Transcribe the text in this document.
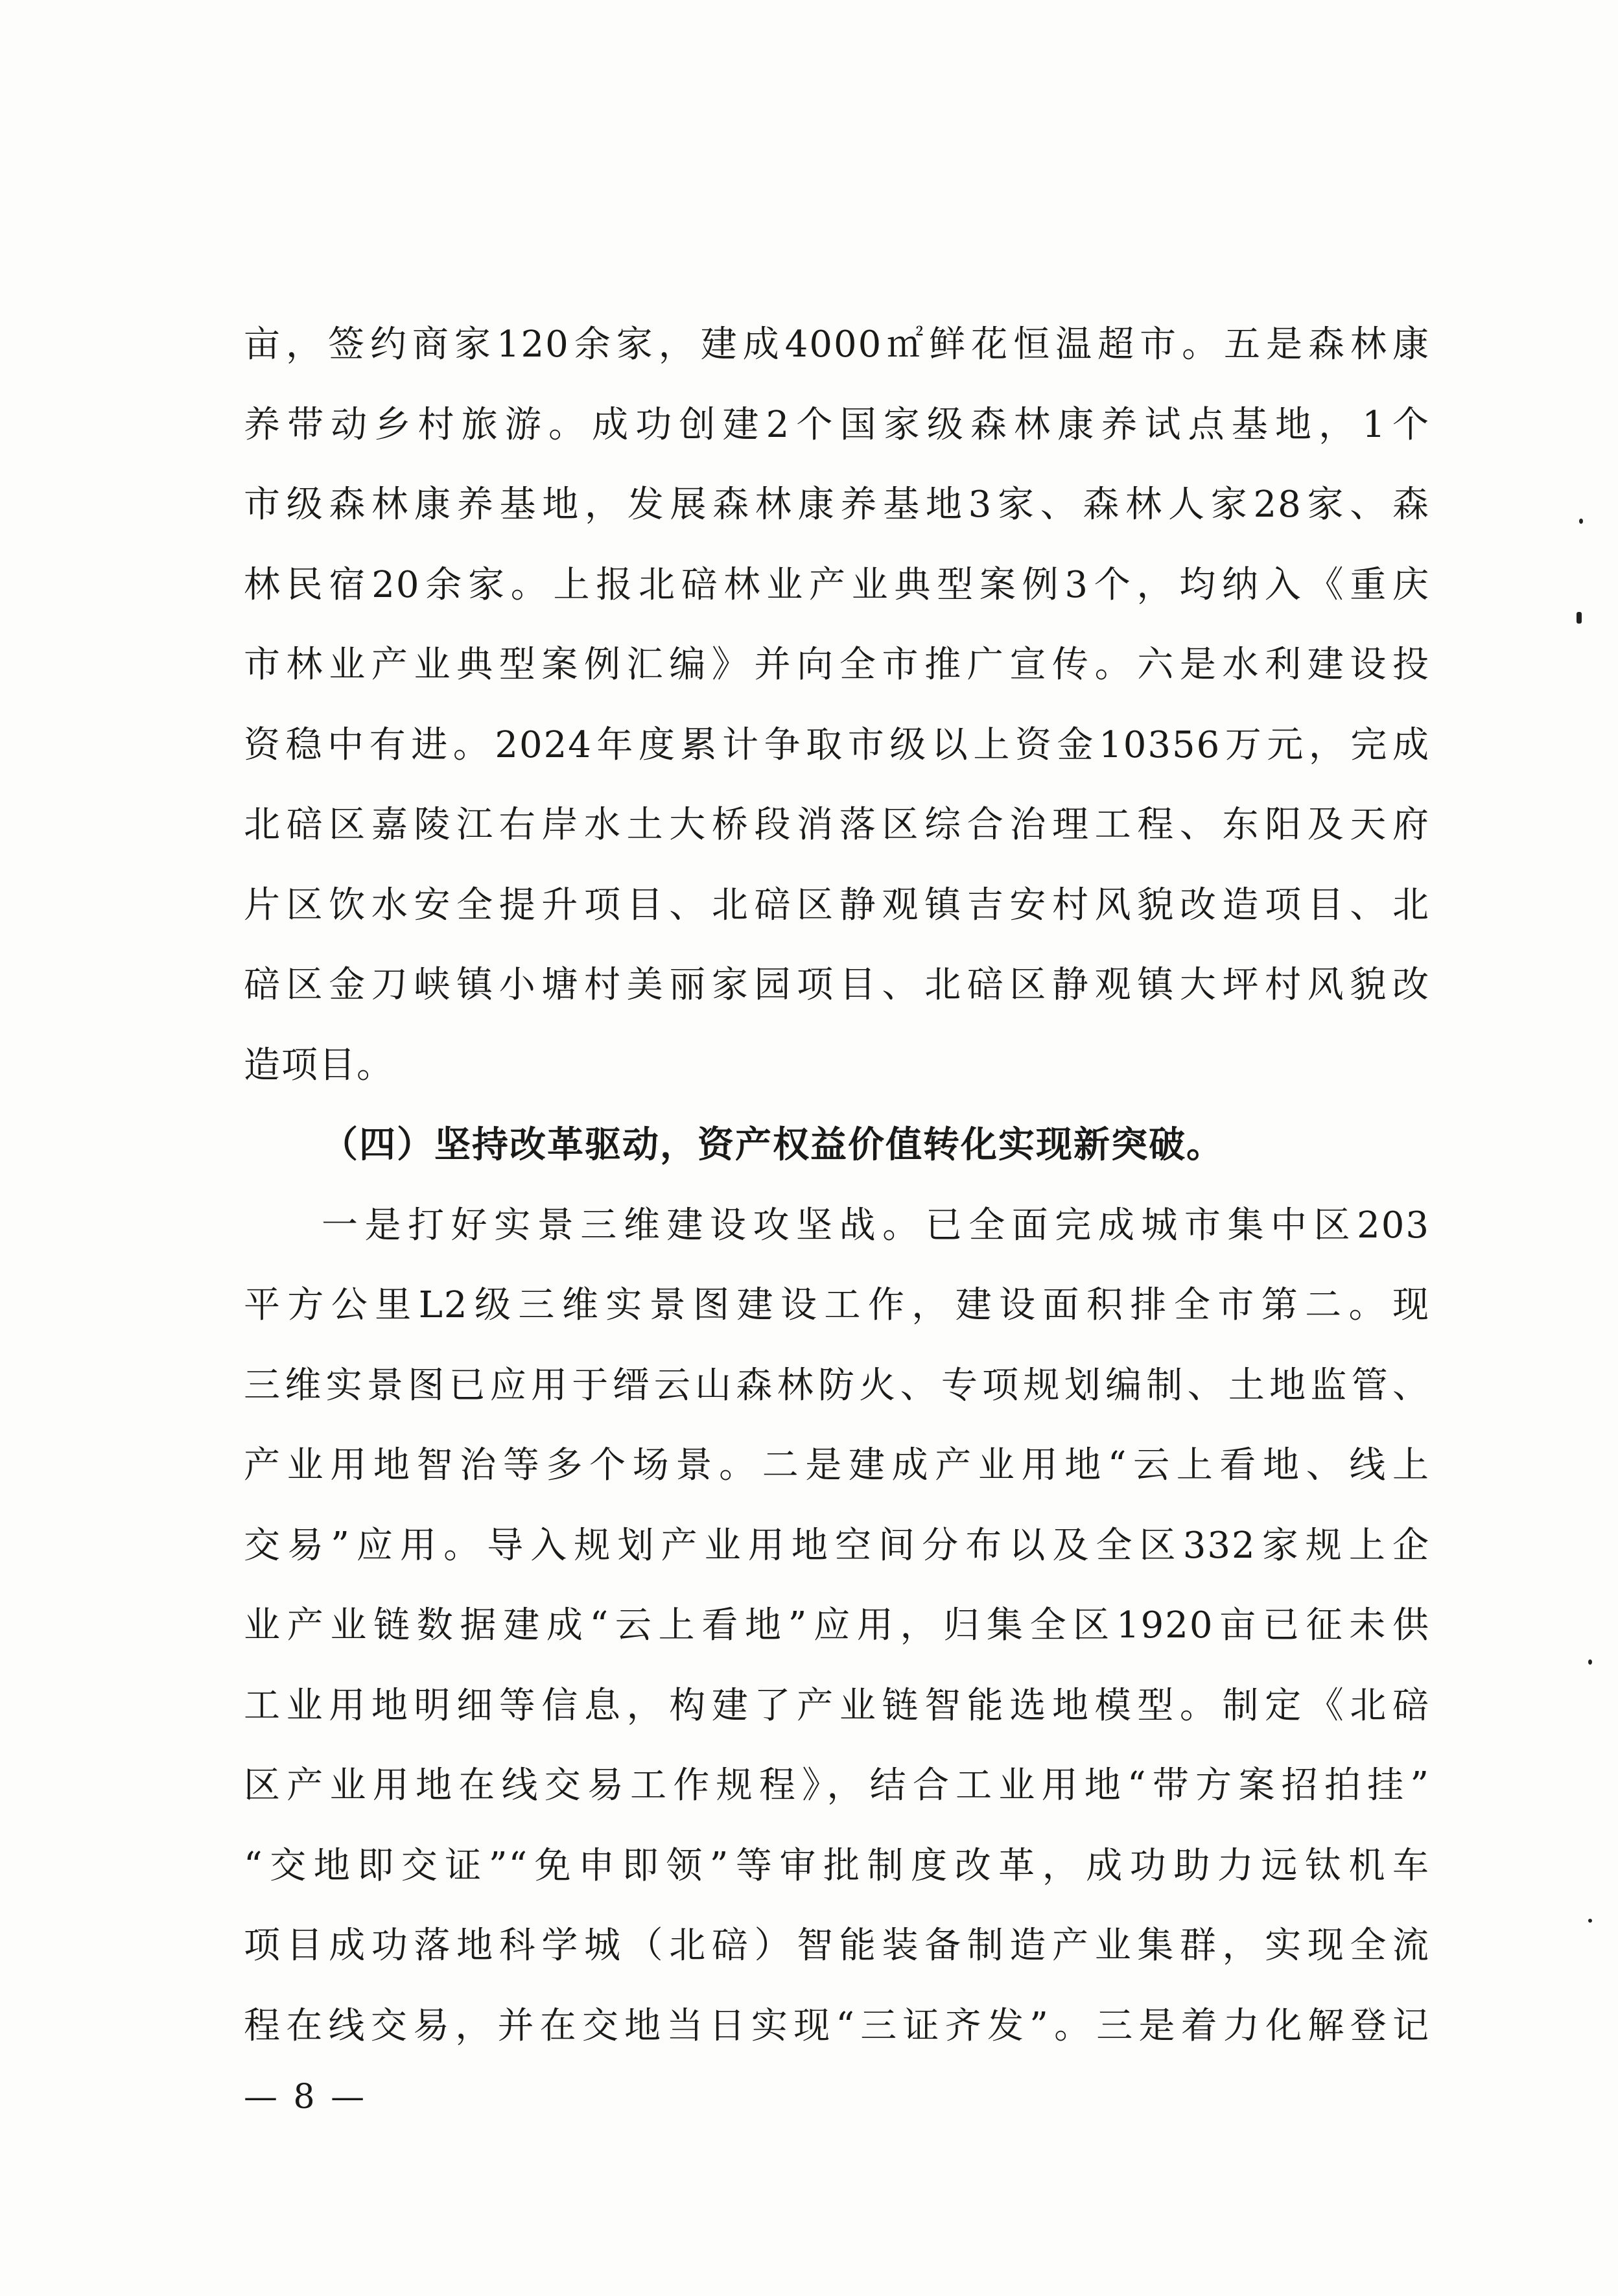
亩，签约商家120余家，建成4000㎡鲜花恒温超市。五是森林康
养带动乡村旅游。成功创建2个国家级森林康养试点基地，1个
市级森林康养基地，发展森林康养基地3家、森林人家28家、森
林民宿20余家。上报北碚林业产业典型案例3个，均纳入《重庆
市林业产业典型案例汇编》并向全市推广宣传。六是水利建设投
资稳中有进。2024年度累计争取市级以上资金10356万元，完成
北碚区嘉陵江右岸水土大桥段消落区综合治理工程、东阳及天府
片区饮水安全提升项目、北碚区静观镇吉安村风貌改造项目、北
碚区金刀峡镇小塘村美丽家园项目、北碚区静观镇大坪村风貌改
造项目。
（四）坚持改革驱动，资产权益价值转化实现新突破。
一是打好实景三维建设攻坚战。已全面完成城市集中区203
平方公里L2级三维实景图建设工作，建设面积排全市第二。现
三维实景图已应用于缙云山森林防火、专项规划编制、土地监管、
产业用地智治等多个场景。二是建成产业用地“云上看地、线上
交易”应用。导入规划产业用地空间分布以及全区332家规上企
业产业链数据建成“云上看地”应用，归集全区1920亩已征未供
工业用地明细等信息，构建了产业链智能选地模型。制定《北碚
区产业用地在线交易工作规程》，结合工业用地“带方案招拍挂”
“交地即交证”“免申即领”等审批制度改革，成功助力远钛机车
项目成功落地科学城（北碚）智能装备制造产业集群，实现全流
程在线交易，并在交地当日实现“三证齐发”。三是着力化解登记
— 8 —
